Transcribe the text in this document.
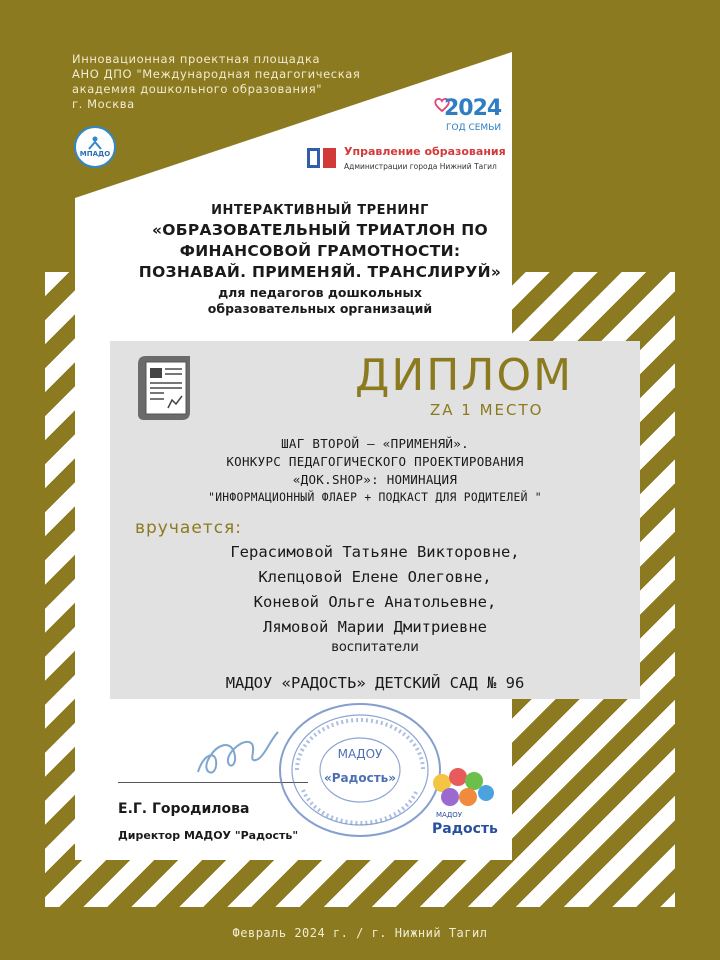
Инновационная проектная площадка
АНО ДПО "Международная педагогическая
академия дошкольного образования"
г. Москва
МПАДО
2024
ГОД СЕМЬИ
Управление образования
Администрации города Нижний Тагил
ИНТЕРАКТИВНЫЙ ТРЕНИНГ
«ОБРАЗОВАТЕЛЬНЫЙ ТРИАТЛОН ПО
ФИНАНСОВОЙ ГРАМОТНОСТИ:
ПОЗНАВАЙ. ПРИМЕНЯЙ. ТРАНСЛИРУЙ»
для педагогов дошкольных
образовательных организаций
ДИПЛОМ
ZA 1 МЕСТО
ШАГ ВТОРОЙ – «ПРИМЕНЯЙ».
КОНКУРС ПЕДАГОГИЧЕСКОГО ПРОЕКТИРОВАНИЯ
«ДОК.SHOP»: НОМИНАЦИЯ
"ИНФОРМАЦИОННЫЙ ФЛАЕР + ПОДКАСТ ДЛЯ РОДИТЕЛЕЙ "
вручается:
Герасимовой Татьяне Викторовне,
Клепцовой Елене Олеговне,
Коневой Ольге Анатольевне,
Лямовой Марии Дмитриевне
воспитатели
МАДОУ «РАДОСТЬ» ДЕТСКИЙ САД № 96
МАДОУ
«Радость»
МАДОУ
Радость
Е.Г. Городилова
Директор МАДОУ "Радость"
Февраль 2024 г. / г. Нижний Тагил
